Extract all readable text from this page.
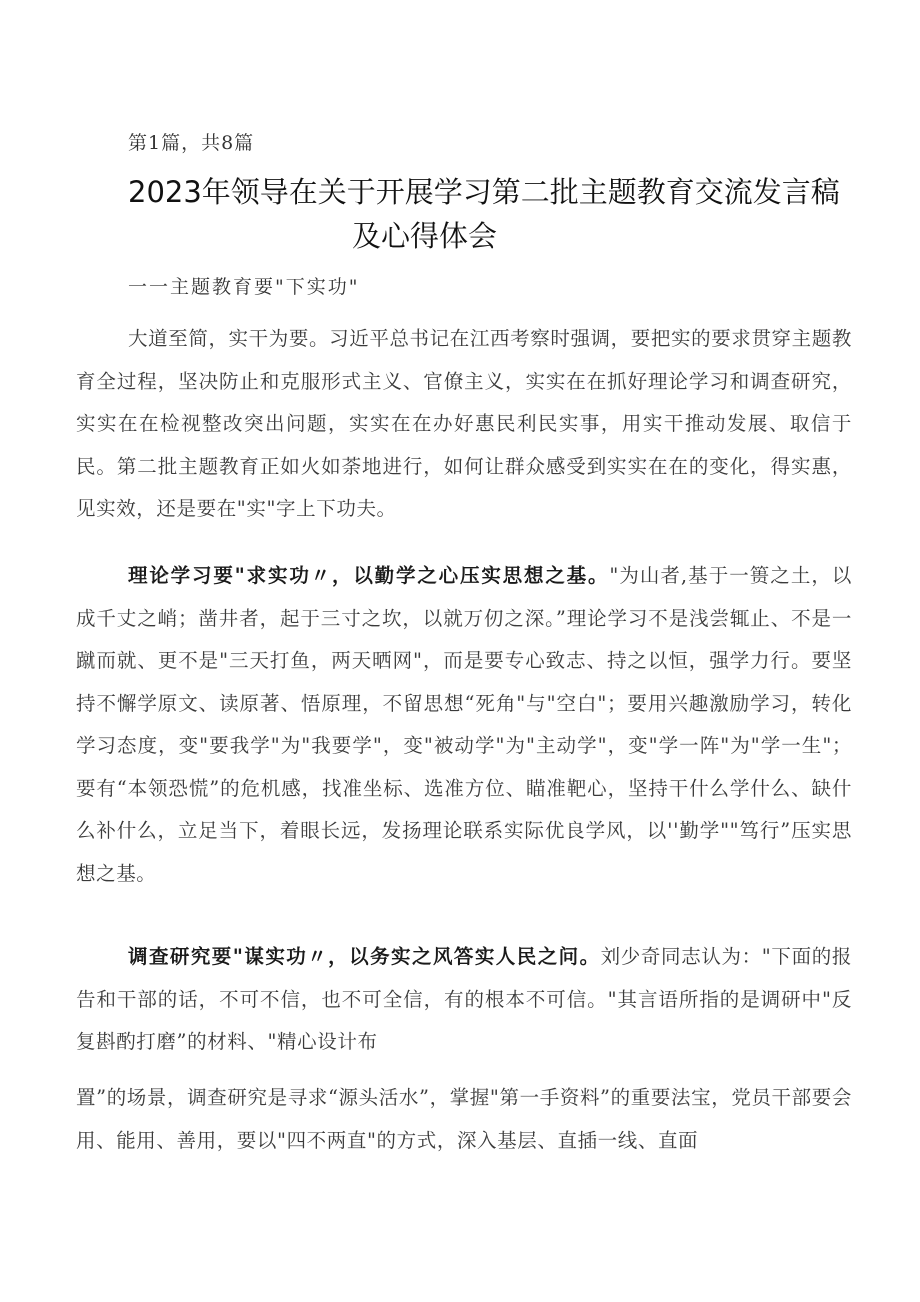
第1篇，共8篇
2023年领导在关于开展学习第二批主题教育交流发言稿
及心得体会
一一主题教育要"下实功"
大道至简，实干为要。习近平总书记在江西考察时强调，要把实的要求贯穿主题教育全过程，坚决防止和克服形式主义、官僚主义，实实在在抓好理论学习和调查研究，实实在在检视整改突出问题，实实在在办好惠民利民实事，用实干推动发展、取信于民。第二批主题教育正如火如荼地进行，如何让群众感受到实实在在的变化，得实惠，见实效，还是要在"实"字上下功夫。
理论学习要"求实功〃，以勤学之心压实思想之基。"为山者,基于一篑之土，以成千丈之峭；凿井者，起于三寸之坎，以就万仞之深。”理论学习不是浅尝辄止、不是一蹴而就、更不是"三天打鱼，两天晒网"，而是要专心致志、持之以恒，强学力行。要坚持不懈学原文、读原著、悟原理，不留思想“死角"与"空白"；要用兴趣激励学习，转化学习态度，变"要我学"为"我要学"，变"被动学"为"主动学"，变"学一阵"为"学一生"；要有“本领恐慌”的危机感，找准坐标、选准方位、瞄准靶心，坚持干什么学什么、缺什么补什么，立足当下，着眼长远，发扬理论联系实际优良学风，以''勤学""笃行”压实思想之基。
调查研究要"谋实功〃，以务实之风答实人民之问。刘少奇同志认为："下面的报告和干部的话，不可不信，也不可全信，有的根本不可信。"其言语所指的是调研中"反复斟酌打磨”的材料、"精心设计布
置”的场景，调查研究是寻求“源头活水”，掌握"第一手资料”的重要法宝，党员干部要会用、能用、善用，要以"四不两直"的方式，深入基层、直插一线、直面
